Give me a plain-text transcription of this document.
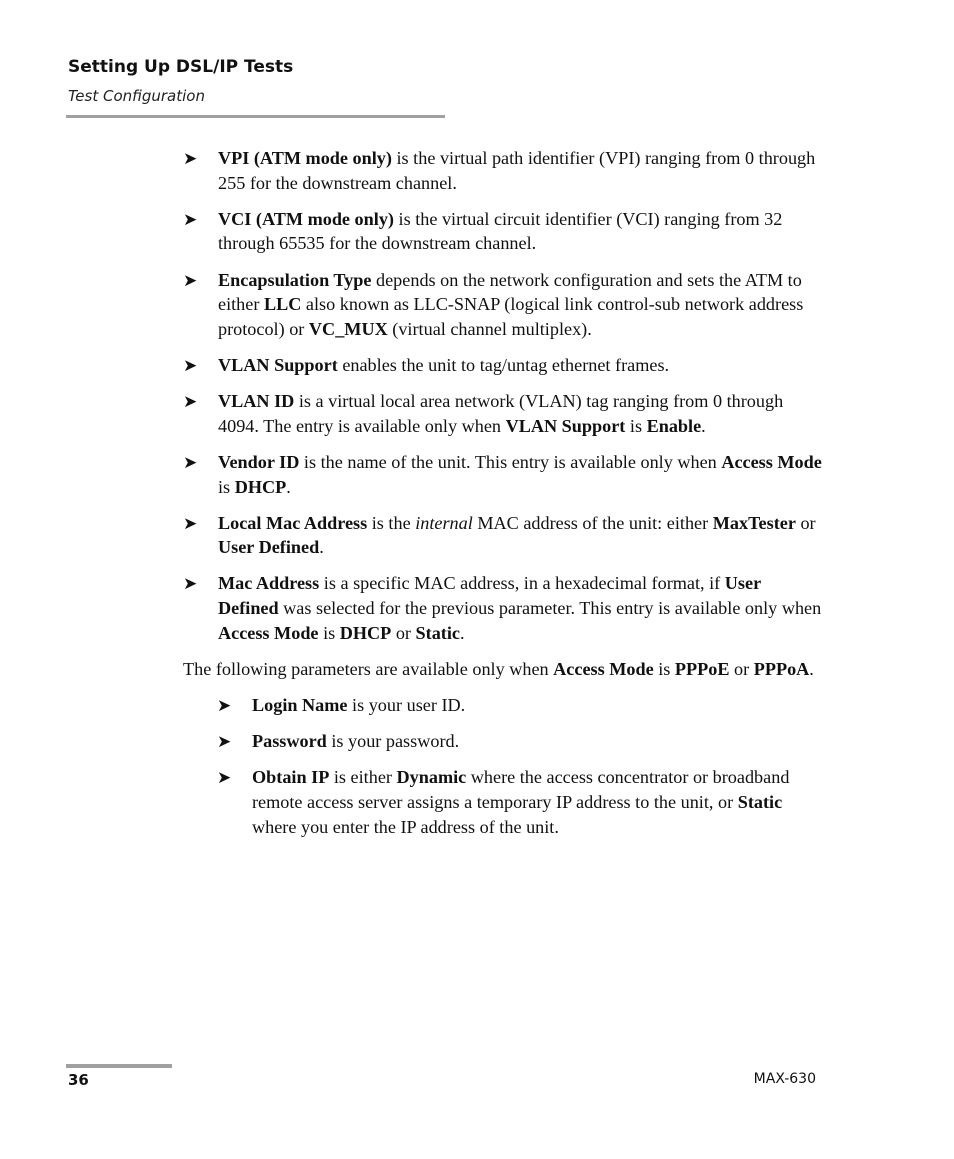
Setting Up DSL/IP Tests
Test Configuration
➤ VPI (ATM mode only) is the virtual path identifier (VPI) ranging from 0 through 255 for the downstream channel.
➤ VCI (ATM mode only) is the virtual circuit identifier (VCI) ranging from 32 through 65535 for the downstream channel.
➤ Encapsulation Type depends on the network configuration and sets the ATM to either LLC also known as LLC-SNAP (logical link control-sub network address protocol) or VC_MUX (virtual channel multiplex).
➤ VLAN Support enables the unit to tag/untag ethernet frames.
➤ VLAN ID is a virtual local area network (VLAN) tag ranging from 0 through 4094. The entry is available only when VLAN Support is Enable.
➤ Vendor ID is the name of the unit. This entry is available only when Access Mode is DHCP.
➤ Local Mac Address is the internal MAC address of the unit: either MaxTester or User Defined.
➤ Mac Address is a specific MAC address, in a hexadecimal format, if User Defined was selected for the previous parameter. This entry is available only when Access Mode is DHCP or Static.
The following parameters are available only when Access Mode is PPPoE or PPPoA.
➤ Login Name is your user ID.
➤ Password is your password.
➤ Obtain IP is either Dynamic where the access concentrator or broadband remote access server assigns a temporary IP address to the unit, or Static where you enter the IP address of the unit.
36	MAX-630
